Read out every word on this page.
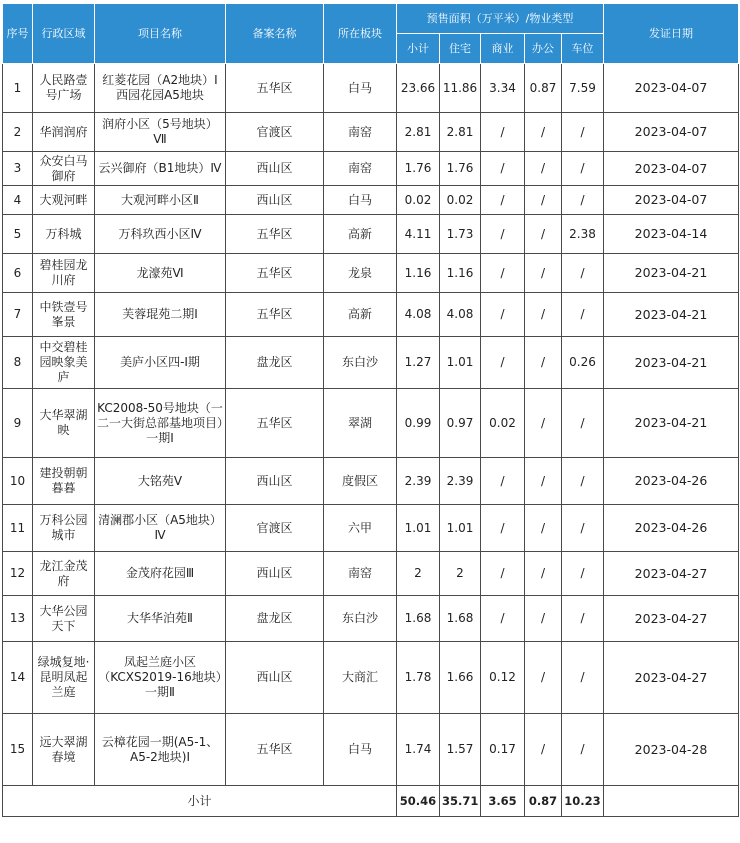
序号	行政区域	项目名称	备案名称	所在板块	预售面积（万平米）/物业类型					发证日期
					小计	住宅	商业	办公	车位	
1	人民路壹号广场	红菱花园（A2地块）Ⅰ 西园花园A5地块	五华区	白马	23.66	11.86	3.34	0.87	7.59	2023-04-07
2	华润润府	润府小区（5号地块）Ⅶ	官渡区	南窑	2.81	2.81	/	/	/	2023-04-07
3	众安白马御府	云兴御府（B1地块）Ⅳ	西山区	南窑	1.76	1.76	/	/	/	2023-04-07
4	大观河畔	大观河畔小区Ⅱ	西山区	白马	0.02	0.02	/	/	/	2023-04-07
5	万科城	万科玖西小区Ⅳ	五华区	高新	4.11	1.73	/	/	2.38	2023-04-14
6	碧桂园龙川府	龙濠苑Ⅵ	五华区	龙泉	1.16	1.16	/	/	/	2023-04-21
7	中铁壹号峯景	芙蓉琨苑二期Ⅰ	五华区	高新	4.08	4.08	/	/	/	2023-04-21
8	中交碧桂园映象美庐	美庐小区四-Ⅰ期	盘龙区	东白沙	1.27	1.01	/	/	0.26	2023-04-21
9	大华翠湖映	KC2008-50号地块（一二一大街总部基地项目）一期Ⅰ	五华区	翠湖	0.99	0.97	0.02	/	/	2023-04-21
10	建投朝朝暮暮	大铭苑Ⅴ	西山区	度假区	2.39	2.39	/	/	/	2023-04-26
11	万科公园城市	清澜郡小区（A5地块）Ⅳ	官渡区	六甲	1.01	1.01	/	/	/	2023-04-26
12	龙江金茂府	金茂府花园Ⅲ	西山区	南窑	2	2	/	/	/	2023-04-27
13	大华公园天下	大华华泊苑Ⅱ	盘龙区	东白沙	1.68	1.68	/	/	/	2023-04-27
14	绿城复地·昆明凤起兰庭	凤起兰庭小区（KCXS2019-16地块）一期Ⅱ	西山区	大商汇	1.78	1.66	0.12	/	/	2023-04-27
15	远大翠湖春境	云樟花园一期(A5-1、A5-2地块)Ⅰ	五华区	白马	1.74	1.57	0.17	/	/	2023-04-28
小计					50.46	35.71	3.65	0.87	10.23	
